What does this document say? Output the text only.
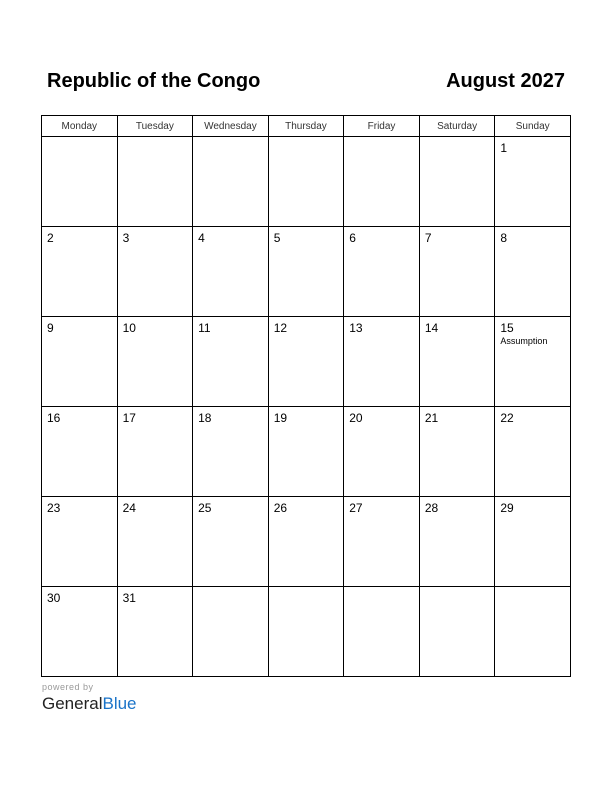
Republic of the Congo	August 2027
Monday	Tuesday	Wednesday	Thursday	Friday	Saturday	Sunday

						1

2	3	4	5	6	7	8

9	10	11	12	13	14	15
Assumption

16	17	18	19	20	21	22

23	24	25	26	27	28	29

30	31					

powered by
GeneralBlue
